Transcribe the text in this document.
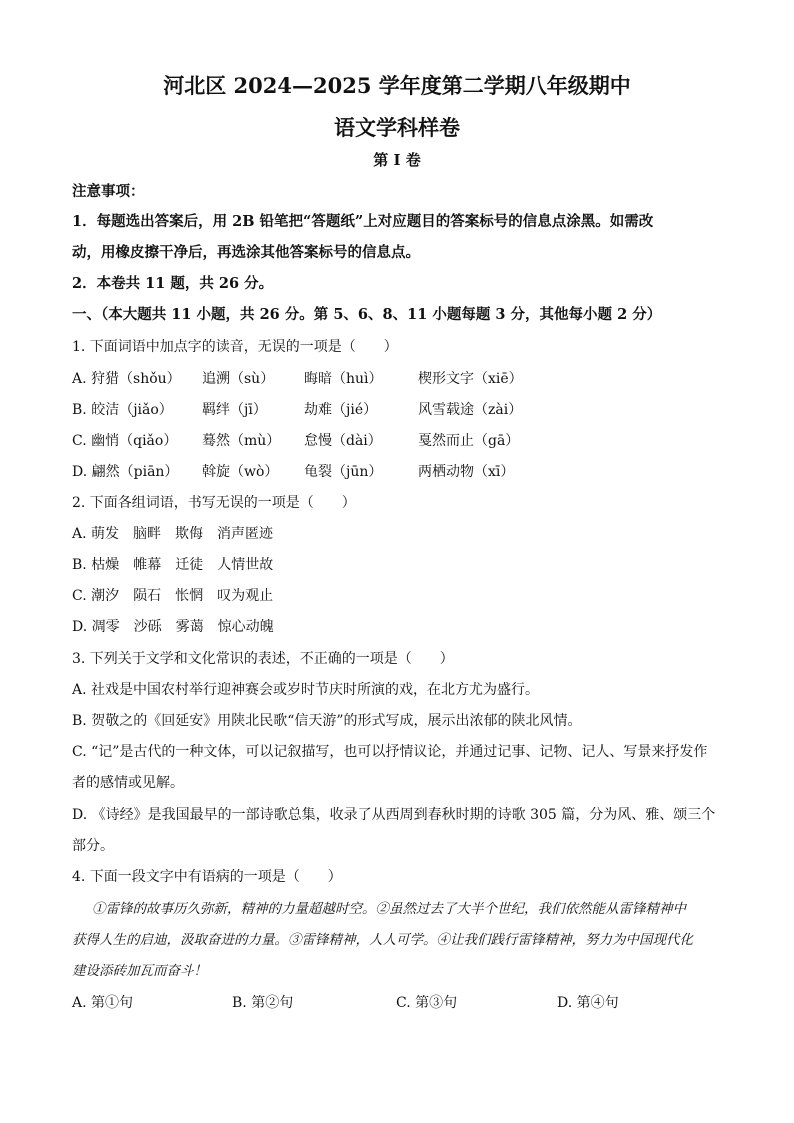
河北区 2024—2025 学年度第二学期八年级期中
语文学科样卷
第 I 卷
注意事项：
1．每题选出答案后，用 2B 铅笔把“答题纸”上对应题目的答案标号的信息点涂黑。如需改
动，用橡皮擦干净后，再选涂其他答案标号的信息点。
2．本卷共 11 题，共 26 分。
一、（本大题共 11 小题，共 26 分。第 5、6、8、11 小题每题 3 分，其他每小题 2 分）
1. 下面词语中加点字的读音，无误的一项是（　　）
A. 狩猎（shǒu） 追溯（sù） 晦暗（huì）	楔形文字（xiē）
B. 皎洁（jiǎo） 羁绊（jī）	劫难（jié）	风雪载途（zài）
C. 幽悄（qiǎo） 蓦然（mù） 怠慢（dài）	戛然而止（gā）
D. 翩然（piān） 斡旋（wò） 龟裂（jūn）	两栖动物（xī）
2. 下面各组词语，书写无误的一项是（　　）
A. 萌发　脑畔　欺侮　消声匿迹
B. 枯燥　帷幕　迁徒　人情世故
C. 潮汐　陨石　怅惘　叹为观止
D. 凋零　沙砾　雾蔼　惊心动魄
3. 下列关于文学和文化常识的表述，不正确的一项是（　　）
A. 社戏是中国农村举行迎神赛会或岁时节庆时所演的戏，在北方尤为盛行。
B. 贺敬之的《回延安》用陕北民歌“信天游”的形式写成，展示出浓郁的陕北风情。
C. “记”是古代的一种文体，可以记叙描写，也可以抒情议论，并通过记事、记物、记人、写景来抒发作
者的感情或见解。
D. 《诗经》是我国最早的一部诗歌总集，收录了从西周到春秋时期的诗歌 305 篇，分为风、雅、颂三个
部分。
4. 下面一段文字中有语病的一项是（　　）
①雷锋的故事历久弥新，精神的力量超越时空。②虽然过去了大半个世纪，我们依然能从雷锋精神中
获得人生的启迪，汲取奋进的力量。③雷锋精神，人人可学。④让我们践行雷锋精神，努力为中国现代化
建设添砖加瓦而奋斗！
A. 第①句	B. 第②句	C. 第③句	D. 第④句
